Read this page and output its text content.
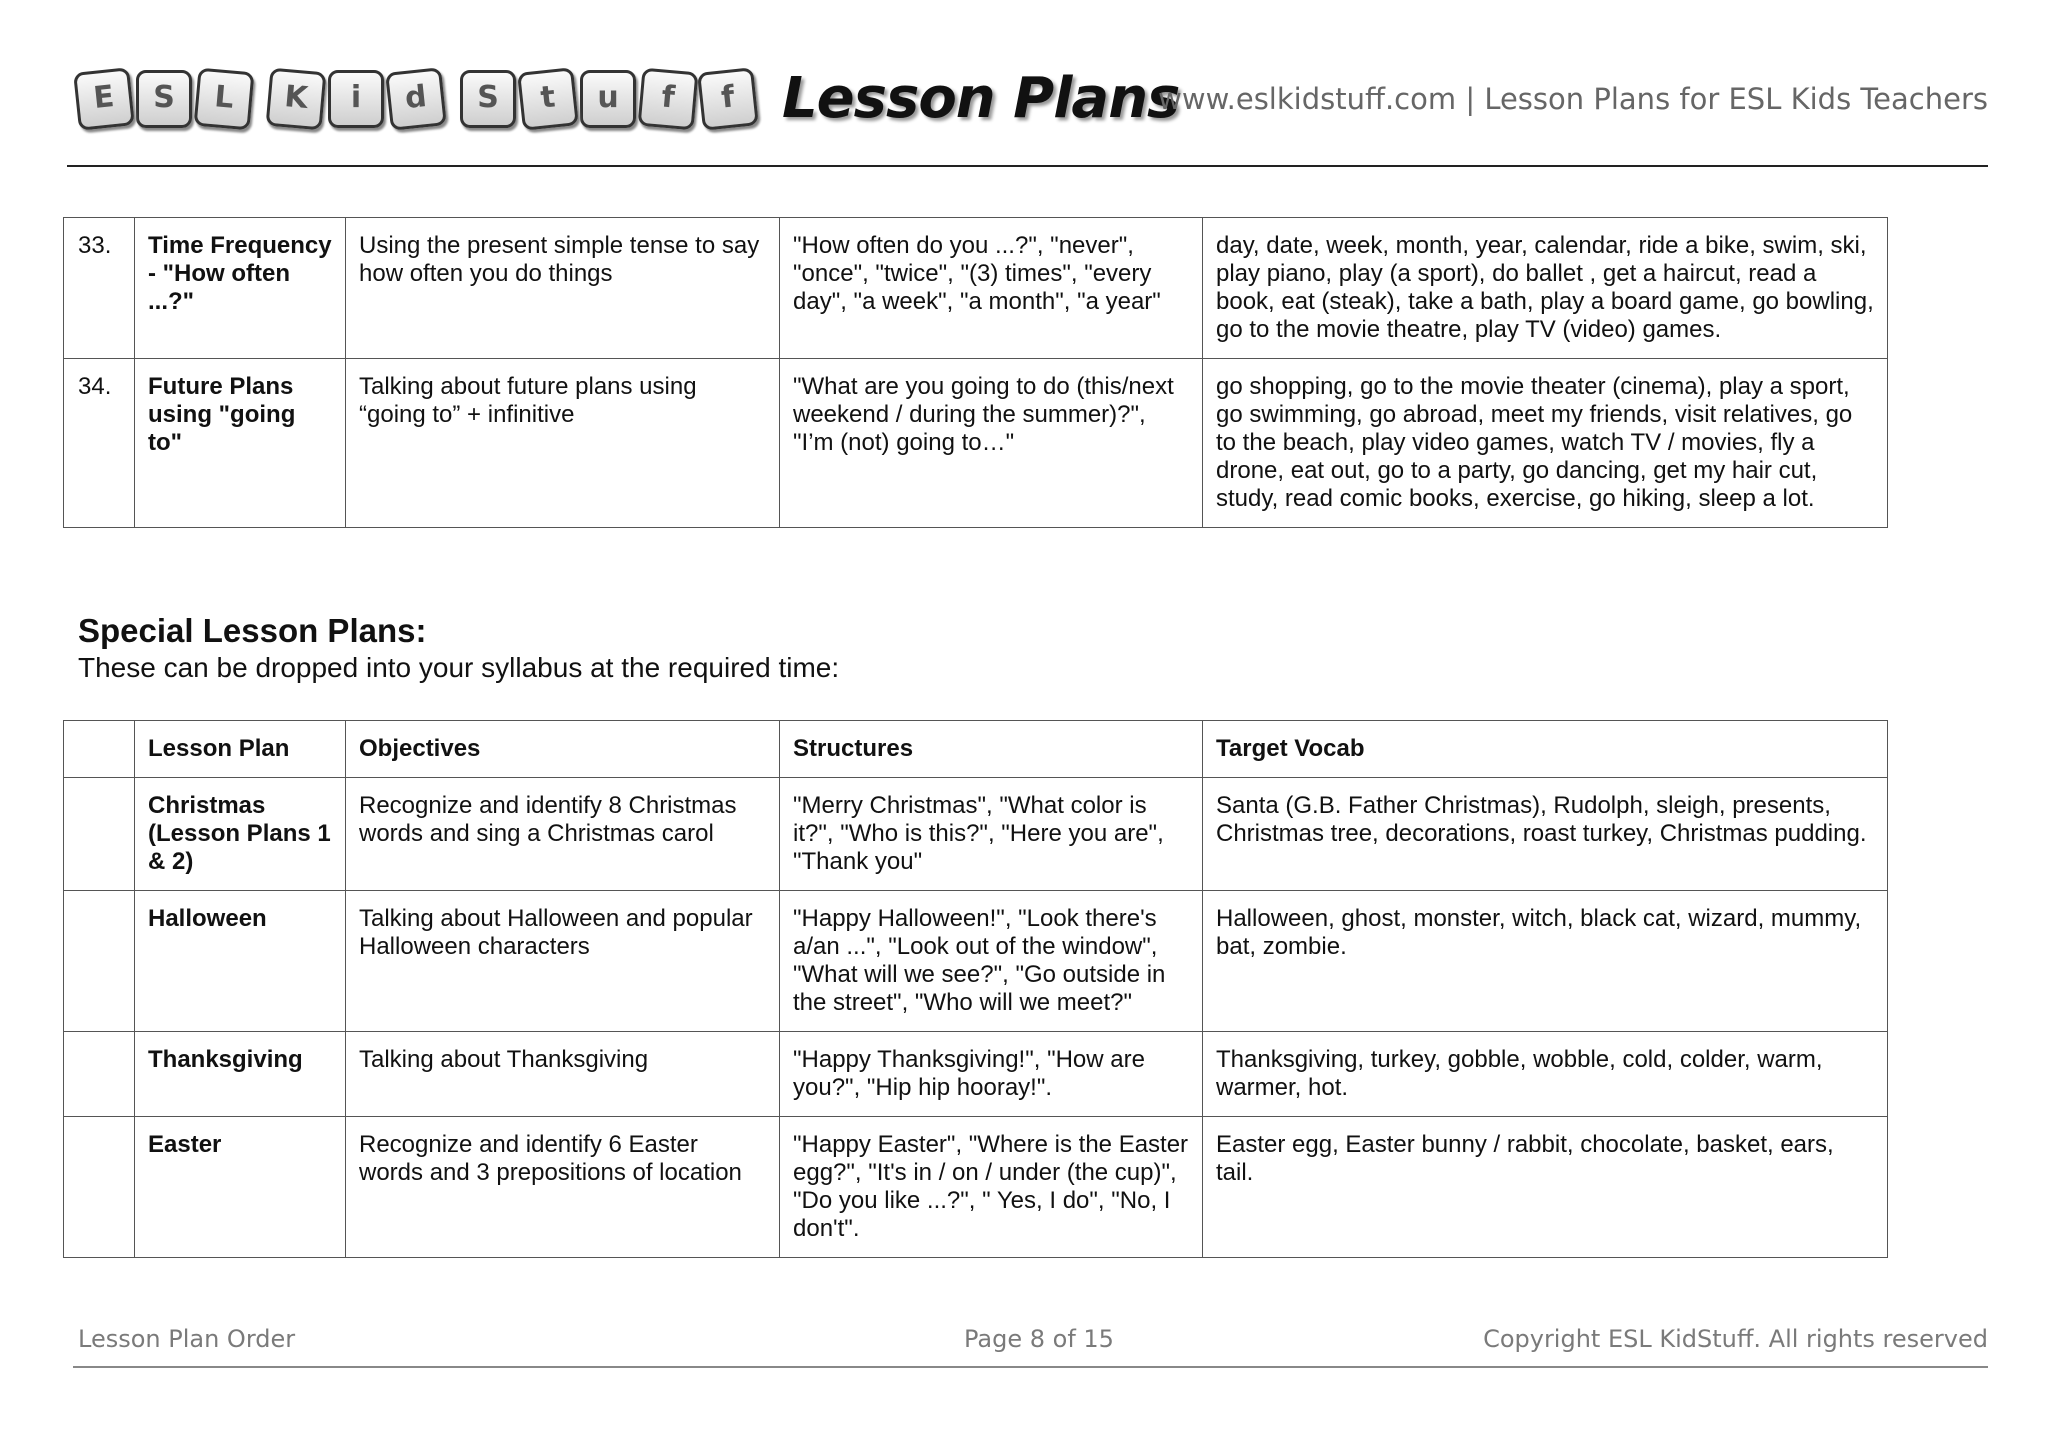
E	S	L	K	i	d	S	t	u	f	f Lesson Plans
www.eslkidstuff.com | Lesson Plans for ESL Kids Teachers
33.	Time Frequency - "How often ...?"	Using the present simple tense to say how often you do things	"How often do you ...?", "never", "once", "twice", "(3) times", "every day", "a week", "a month", "a year"	day, date, week, month, year, calendar, ride a bike, swim, ski, play piano, play (a sport), do ballet , get a haircut, read a book, eat (steak), take a bath, play a board game, go bowling, go to the movie theatre, play TV (video) games.
34.	Future Plans using "going to"	Talking about future plans using “going to” + infinitive	"What are you going to do (this/next weekend / during the summer)?", "I’m (not) going to…"	go shopping, go to the movie theater (cinema), play a sport, go swimming, go abroad, meet my friends, visit relatives, go to the beach, play video games, watch TV / movies, fly a drone, eat out, go to a party, go dancing, get my hair cut, study, read comic books, exercise, go hiking, sleep a lot.
Special Lesson Plans:
These can be dropped into your syllabus at the required time:
	Lesson Plan	Objectives	Structures	Target Vocab
	Christmas (Lesson Plans 1 & 2)	Recognize and identify 8 Christmas words and sing a Christmas carol	"Merry Christmas", "What color is it?", "Who is this?", "Here you are", "Thank you"	Santa (G.B. Father Christmas), Rudolph, sleigh, presents, Christmas tree, decorations, roast turkey, Christmas pudding.
	Halloween	Talking about Halloween and popular Halloween characters	"Happy Halloween!", "Look there's a/an ...", "Look out of the window", "What will we see?", "Go outside in the street", "Who will we meet?"	Halloween, ghost, monster, witch, black cat, wizard, mummy, bat, zombie.
	Thanksgiving	Talking about Thanksgiving	"Happy Thanksgiving!", "How are you?", "Hip hip hooray!".	Thanksgiving, turkey, gobble, wobble, cold, colder, warm, warmer, hot.
	Easter	Recognize and identify 6 Easter words and 3 prepositions of location	"Happy Easter", "Where is the Easter egg?", "It's in / on / under (the cup)", "Do you like ...?", " Yes, I do", "No, I don't".	Easter egg, Easter bunny / rabbit, chocolate, basket, ears, tail.
Lesson Plan Order	Page 8 of 15	Copyright ESL KidStuff. All rights reserved
